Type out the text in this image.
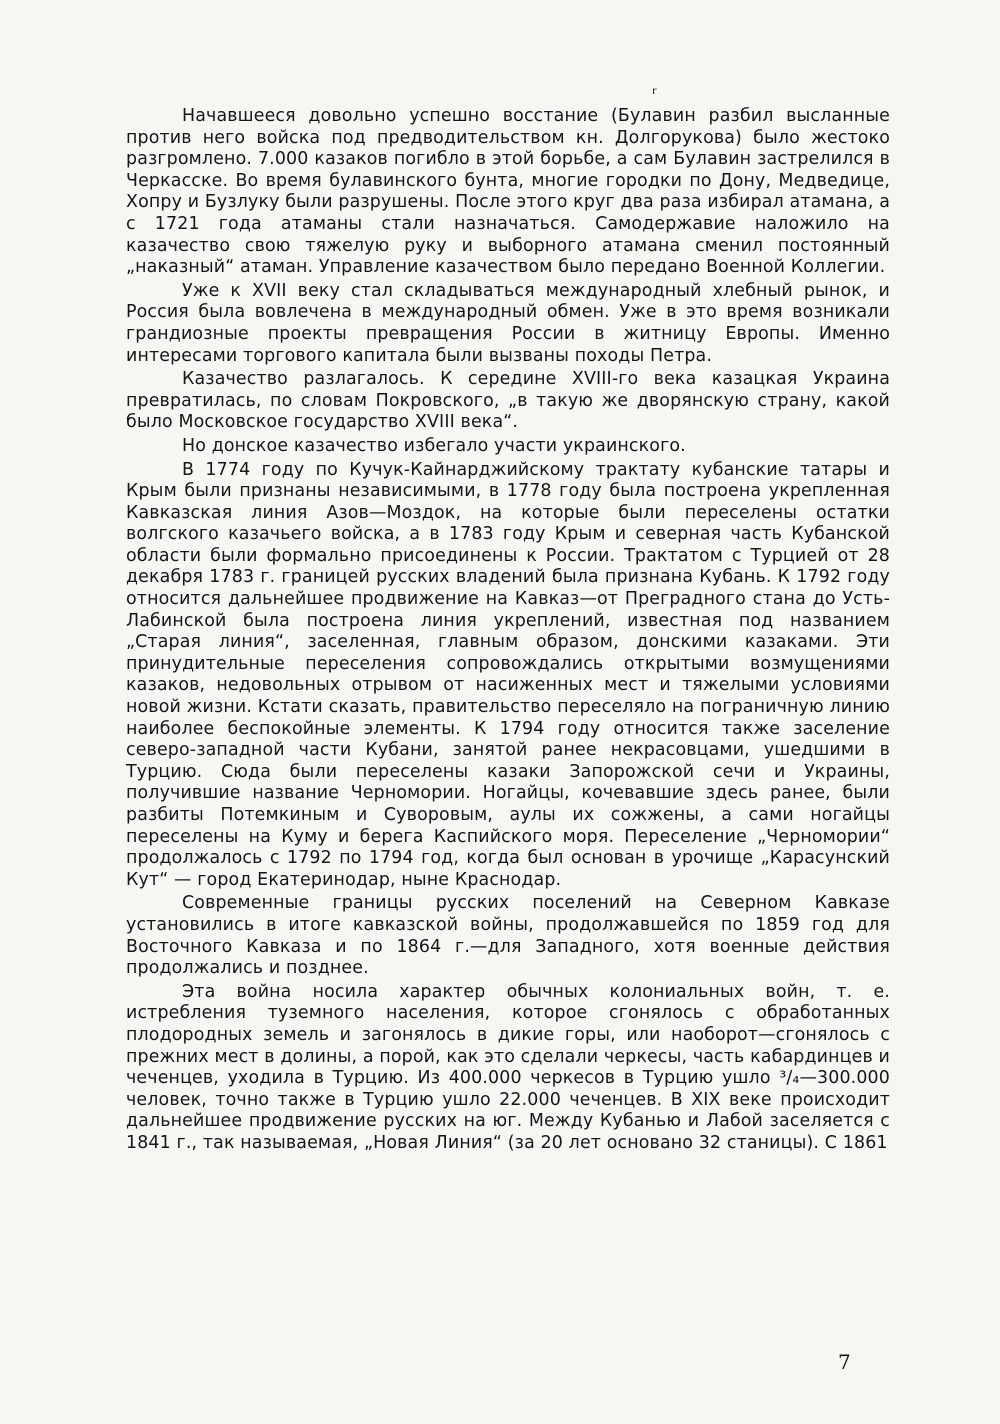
ʳ

Начавшееся довольно успешно восстание (Булавин разбил высланные против него войска под предводительством кн. Долгорукова) было жестоко разгромлено. 7.000 казаков погибло в этой борьбе, а сам Булавин застрелился в Черкасске. Во время булавинского бунта, многие городки по Дону, Медведице, Хопру и Бузлуку были разрушены. После этого круг два раза избирал атамана, а с 1721 года атаманы стали назначаться. Самодержавие наложило на казачество свою тяжелую руку и выборного атамана сменил постоянный „наказный“ атаман. Управление казачеством было передано Военной Коллегии.

Уже к XVII веку стал складываться международный хлебный рынок, и Россия была вовлечена в международный обмен. Уже в это время возникали грандиозные проекты превращения России в житницу Европы. Именно интересами торгового капитала были вызваны походы Петра.

Казачество разлагалось. К середине XVIII-го века казацкая Украина превратилась, по словам Покровского, „в такую же дворянскую страну, какой было Московское государство XVIII века“.

Но донское казачество избегало участи украинского.

В 1774 году по Кучук-Кайнарджийскому трактату кубанские татары и Крым были признаны независимыми, в 1778 году была построена укрепленная Кавказская линия Азов—Моздок, на которые были переселены остатки волгского казачьего войска, а в 1783 году Крым и северная часть Кубанской области были формально присоединены к России. Трактатом с Турцией от 28 декабря 1783 г. границей русских владений была признана Кубань. К 1792 году относится дальнейшее продвижение на Кавказ—от Преградного стана до Усть-Лабинской была построена линия укреплений, известная под названием „Старая линия“, заселенная, главным образом, донскими казаками. Эти принудительные переселения сопровождались открытыми возмущениями казаков, недовольных отрывом от насиженных мест и тяжелыми условиями новой жизни. Кстати сказать, правительство переселяло на пограничную линию наиболее беспокойные элементы. К 1794 году относится также заселение северо-западной части Кубани, занятой ранее некрасовцами, ушедшими в Турцию. Сюда были переселены казаки Запорожской сечи и Украины, получившие название Черномории. Ногайцы, кочевавшие здесь ранее, были разбиты Потемкиным и Суворовым, аулы их сожжены, а сами ногайцы переселены на Куму и берега Каспийского моря. Переселение „Черномории“ продолжалось с 1792 по 1794 год, когда был основан в урочище „Карасунский Кут“ — город Екатеринодар, ныне Краснодар.

Современные границы русских поселений на Северном Кавказе установились в итоге кавказской войны, продолжавшейся по 1859 год для Восточного Кавказа и по 1864 г.—для Западного, хотя военные действия продолжались и позднее.

Эта война носила характер обычных колониальных войн, т. е. истребления туземного населения, которое сгонялось с обработанных плодородных земель и загонялось в дикие горы, или наоборот—сгонялось с прежних мест в долины, а порой, как это сделали черкесы, часть кабардинцев и чеченцев, уходила в Турцию. Из 400.000 черкесов в Турцию ушло ³/₄—300.000 человек, точно также в Турцию ушло 22.000 чеченцев. В XIX веке происходит дальнейшее продвижение русских на юг. Между Кубанью и Лабой заселяется с 1841 г., так называемая, „Новая Линия“ (за 20 лет основано 32 станицы). С 1861

7
